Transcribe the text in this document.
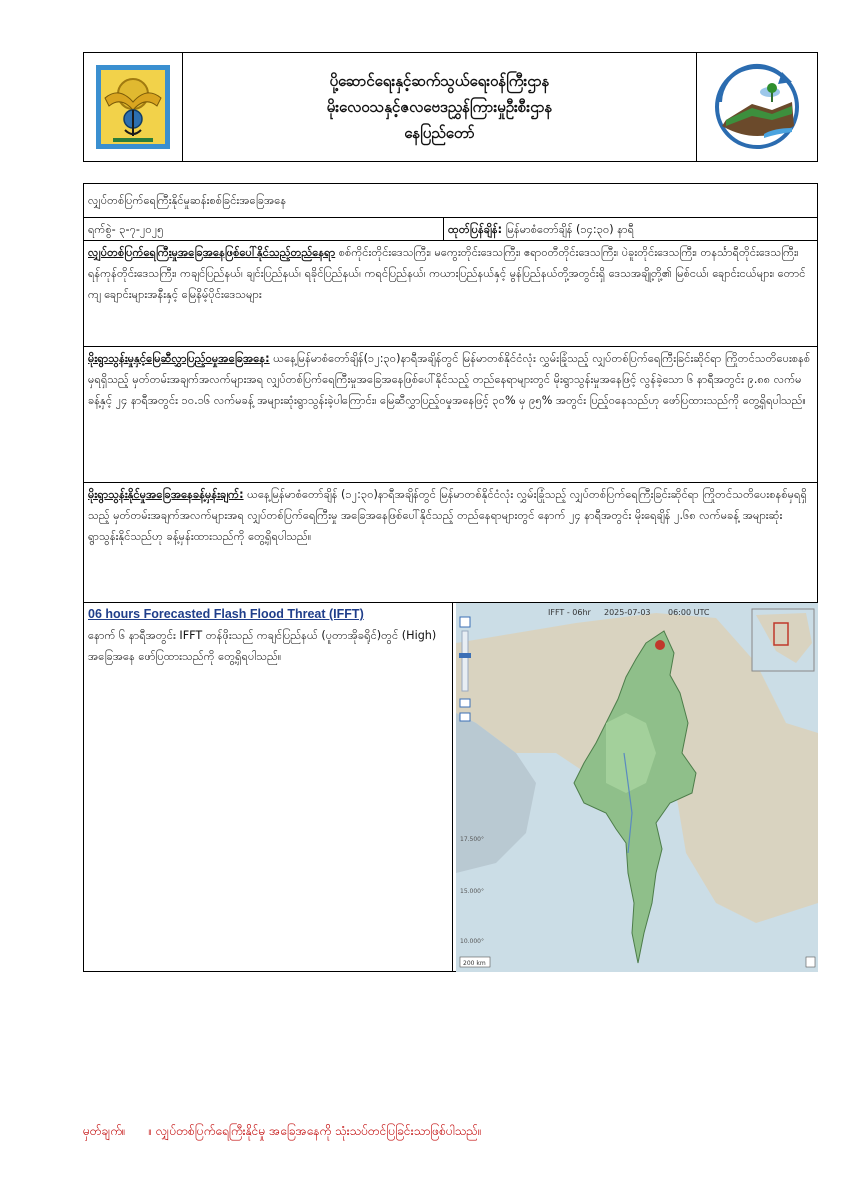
ပို့ဆောင်ရေးနှင့်ဆက်သွယ်ရေးဝန်ကြီးဌာန
မိုးလေဝသနှင့်ဇလဗေဒညွှန်ကြားမှုဦးစီးဌာန
နေပြည်တော်
လျှပ်တစ်ပြက်ရေကြီးနိုင်မှုဆန်းစစ်ခြင်းအခြေအနေ
ရက်စွဲ- ၃-၇-၂၀၂၅	ထုတ်ပြန်ချိန်: မြန်မာစံတော်ချိန် (၁၄:၃၀) နာရီ
လျှပ်တစ်ပြက်ရေကြီးမှုအခြေအနေဖြစ်ပေါ်နိုင်သည့်တည်နေရာ စစ်ကိုင်းတိုင်းဒေသကြီး၊ မကွေးတိုင်းဒေသကြီး၊ ဧရာဝတီတိုင်းဒေသကြီး၊ ပဲခူးတိုင်းဒေသကြီး၊ တနင်္သာရီတိုင်းဒေသကြီး၊ ရန်ကုန်တိုင်းဒေသကြီး၊ ကချင်ပြည်နယ်၊ ချင်းပြည်နယ်၊ ရခိုင်ပြည်နယ်၊ ကရင်ပြည်နယ်၊ ကယားပြည်နယ်နှင့် မွန်ပြည်နယ်တို့အတွင်းရှိ ဒေသအချို့တို့၏ မြစ်ငယ်၊ ချောင်းငယ်များ၊ တောင်ကျ ချောင်းများအနီးနှင့် မြေနိမ့်ပိုင်းဒေသများ
မိုးရွာသွန်းမှုနှင့်မြေဆီလွှာပြည့်ဝမှုအခြေအနေ: ယနေ့မြန်မာစံတော်ချိန်(၁၂:၃၀)နာရီအချိန်တွင် မြန်မာတစ်နိုင်ငံလုံး လွှမ်းခြုံသည့် လျှပ်တစ်ပြက်ရေကြီးခြင်းဆိုင်ရာ ကြိုတင်သတိပေးစနစ်မှရရှိသည့် မှတ်တမ်းအချက်အလက်များအရ လျှပ်တစ်ပြက်ရေကြီးမှုအခြေအနေဖြစ်ပေါ်နိုင်သည့် တည်နေရာများတွင် မိုးရွာသွန်းမှုအနေဖြင့် လွန်ခဲ့သော ၆ နာရီအတွင်း ၉.၈၈ လက်မခန့်နှင့် ၂၄ နာရီအတွင်း ၁၀.၁၆ လက်မခန့် အများဆုံးရွာသွန်းခဲ့ပါကြောင်း၊ မြေဆီလွှာပြည့်ဝမှုအနေဖြင့် ၃၀% မှ ၉၅% အတွင်း ပြည့်ဝနေသည်ဟု ဖော်ပြထားသည်ကို တွေ့ရှိရပါသည်။
မိုးရွာသွန်းနိုင်မှုအခြေအနေခန့်မှန်းချက်: ယနေ့မြန်မာစံတော်ချိန် (၁၂:၃၀)နာရီအချိန်တွင် မြန်မာတစ်နိုင်ငံလုံး လွှမ်းခြုံသည့် လျှပ်တစ်ပြက်ရေကြီးခြင်းဆိုင်ရာ ကြိုတင်သတိပေးစနစ်မှရရှိသည့် မှတ်တမ်းအချက်အလက်များအရ လျှပ်တစ်ပြက်ရေကြီးမှု အခြေအနေဖြစ်ပေါ်နိုင်သည့် တည်နေရာများတွင် နောက် ၂၄ နာရီအတွင်း မိုးရေချိန် ၂.၆၈ လက်မခန့် အများဆုံး ရွာသွန်းနိုင်သည်ဟု ခန့်မှန်းထားသည်ကို တွေ့ရှိရပါသည်။
06 hours Forecasted Flash Flood Threat (IFFT)
နောက် ၆ နာရီအတွင်း IFFT တန်ဖိုးသည် ကချင်ပြည်နယ် (ပူတာအိုခရိုင်)တွင် (High) အခြေအနေ ဖော်ပြထားသည်ကို တွေ့ရှိရပါသည်။
IFFT - 06hr 2025-07-03 06:00 UTC
17.500°
15.000°
10.000°
200 km
မှတ်ချက်။ ။ လျှပ်တစ်ပြက်ရေကြီးနိုင်မှု အခြေအနေကို သုံးသပ်တင်ပြခြင်းသာဖြစ်ပါသည်။
